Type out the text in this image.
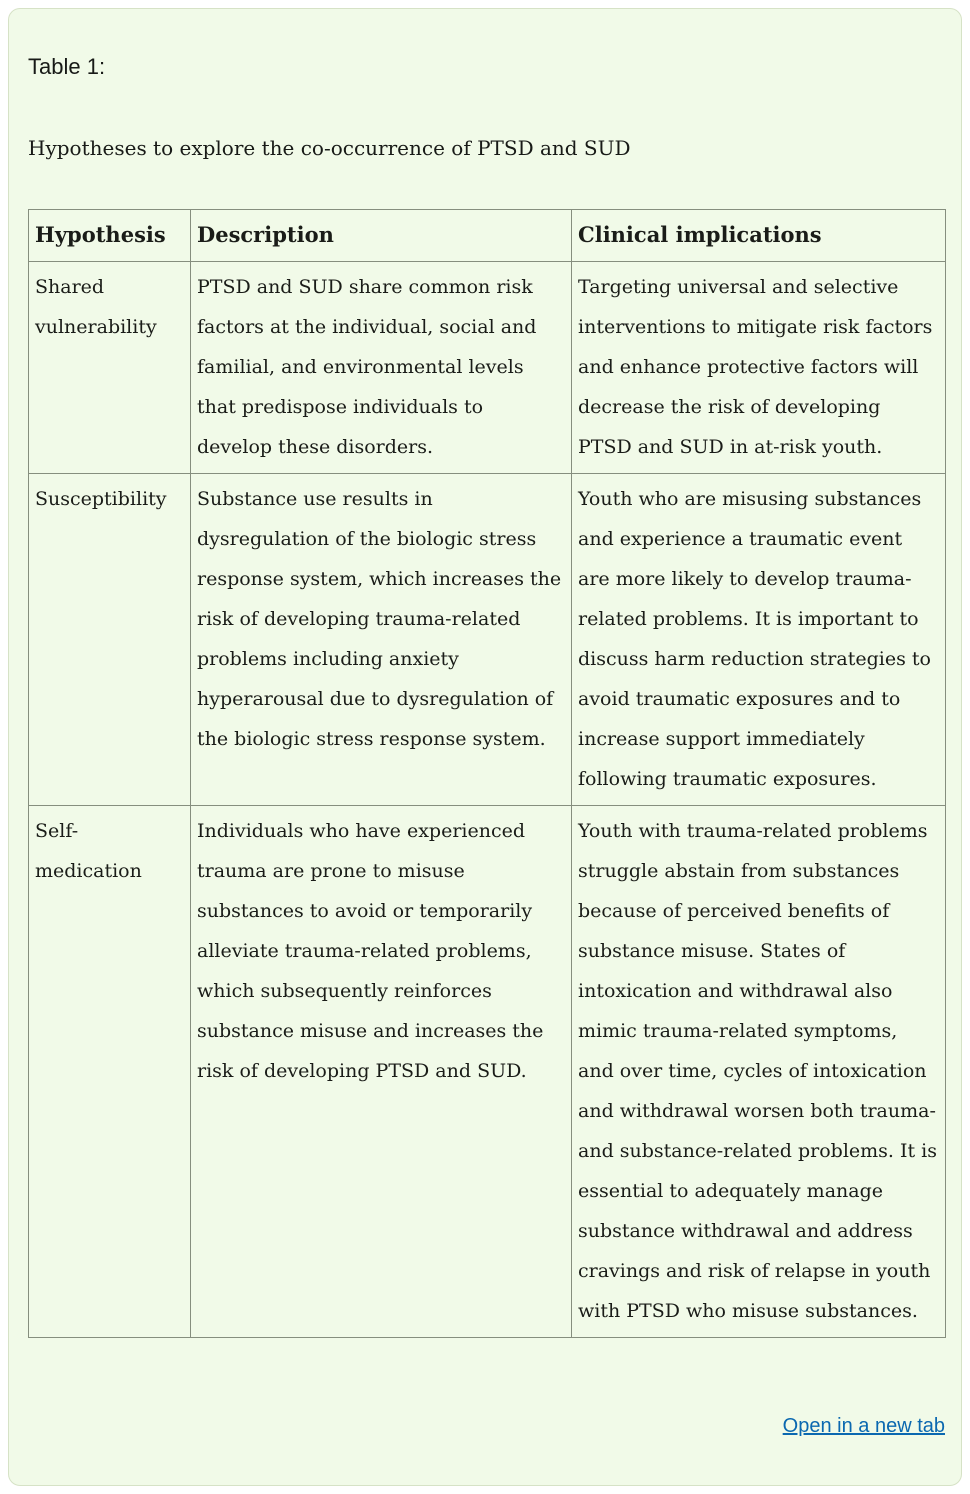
Table 1:
Hypotheses to explore the co-occurrence of PTSD and SUD
Hypothesis	Description	Clinical implications
Shared vulnerability	PTSD and SUD share common risk factors at the individual, social and familial, and environmental levels that predispose individuals to develop these disorders.	Targeting universal and selective interventions to mitigate risk factors and enhance protective factors will decrease the risk of developing PTSD and SUD in at-risk youth.
Susceptibility	Substance use results in dysregulation of the biologic stress response system, which increases the risk of developing trauma-related problems including anxiety hyperarousal due to dysregulation of the biologic stress response system.	Youth who are misusing substances and experience a traumatic event are more likely to develop trauma-related problems. It is important to discuss harm reduction strategies to avoid traumatic exposures and to increase support immediately following traumatic exposures.
Self-medication	Individuals who have experienced trauma are prone to misuse substances to avoid or temporarily alleviate trauma-related problems, which subsequently reinforces substance misuse and increases the risk of developing PTSD and SUD.	Youth with trauma-related problems struggle abstain from substances because of perceived benefits of substance misuse. States of intoxication and withdrawal also mimic trauma-related symptoms, and over time, cycles of intoxication and withdrawal worsen both trauma- and substance-related problems. It is essential to adequately manage substance withdrawal and address cravings and risk of relapse in youth with PTSD who misuse substances.
Open in a new tab
